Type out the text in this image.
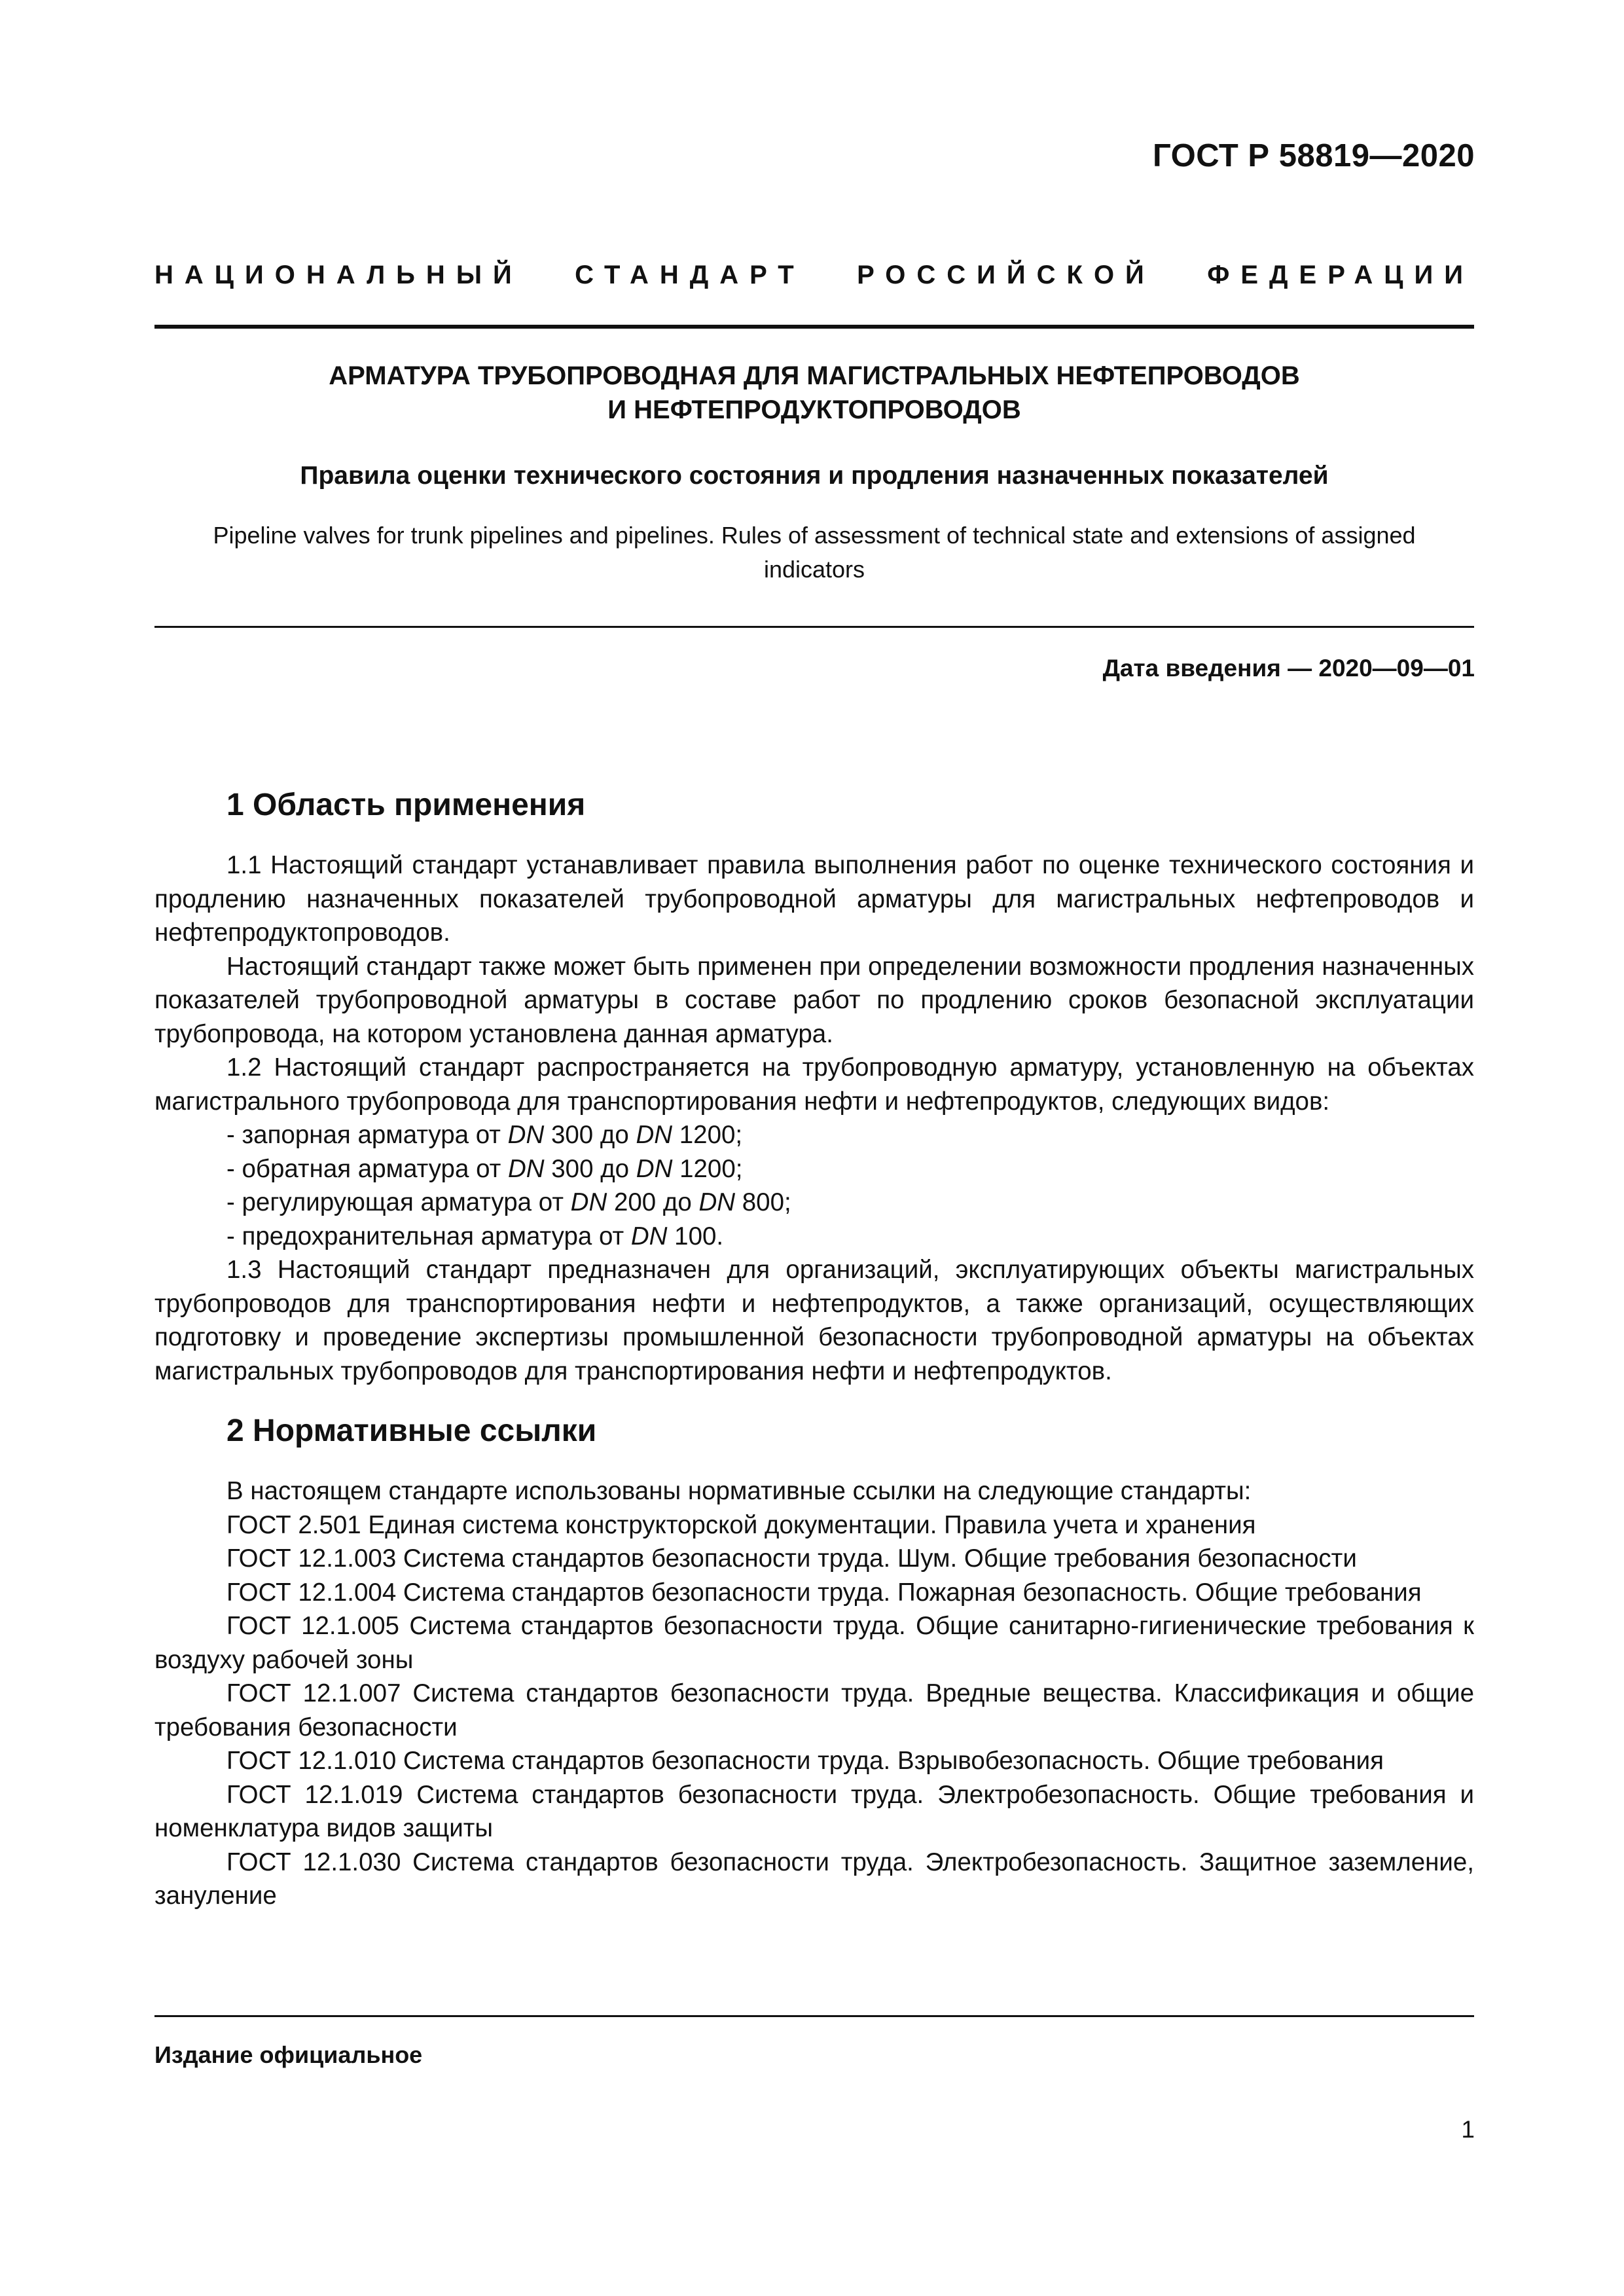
ГОСТ Р 58819—2020
НАЦИОНАЛЬНЫЙ СТАНДАРТ РОССИЙСКОЙ ФЕДЕРАЦИИ
АРМАТУРА ТРУБОПРОВОДНАЯ ДЛЯ МАГИСТРАЛЬНЫХ НЕФТЕПРОВОДОВ
И НЕФТЕПРОДУКТОПРОВОДОВ
Правила оценки технического состояния и продления назначенных показателей
Pipeline valves for trunk pipelines and pipelines. Rules of assessment of technical state and extensions of assigned indicators
Дата введения — 2020—09—01
1 Область применения

1.1 Настоящий стандарт устанавливает правила выполнения работ по оценке технического состояния и продлению назначенных показателей трубопроводной арматуры для магистральных нефтепроводов и нефтепродуктопроводов.

Настоящий стандарт также может быть применен при определении возможности продления назначенных показателей трубопроводной арматуры в составе работ по продлению сроков безопасной эксплуатации трубопровода, на котором установлена данная арматура.

1.2 Настоящий стандарт распространяется на трубопроводную арматуру, установленную на объектах магистрального трубопровода для транспортирования нефти и нефтепродуктов, следующих видов:

- запорная арматура от DN 300 до DN 1200;
- обратная арматура от DN 300 до DN 1200;
- регулирующая арматура от DN 200 до DN 800;
- предохранительная арматура от DN 100.

1.3 Настоящий стандарт предназначен для организаций, эксплуатирующих объекты магистральных трубопроводов для транспортирования нефти и нефтепродуктов, а также организаций, осуществляющих подготовку и проведение экспертизы промышленной безопасности трубопроводной арматуры на объектах магистральных трубопроводов для транспортирования нефти и нефтепродуктов.

2 Нормативные ссылки

В настоящем стандарте использованы нормативные ссылки на следующие стандарты:

ГОСТ 2.501 Единая система конструкторской документации. Правила учета и хранения

ГОСТ 12.1.003 Система стандартов безопасности труда. Шум. Общие требования безопасности

ГОСТ 12.1.004 Система стандартов безопасности труда. Пожарная безопасность. Общие требования

ГОСТ 12.1.005 Система стандартов безопасности труда. Общие санитарно-гигиенические требования к воздуху рабочей зоны

ГОСТ 12.1.007 Система стандартов безопасности труда. Вредные вещества. Классификация и общие требования безопасности

ГОСТ 12.1.010 Система стандартов безопасности труда. Взрывобезопасность. Общие требования

ГОСТ 12.1.019 Система стандартов безопасности труда. Электробезопасность. Общие требования и номенклатура видов защиты

ГОСТ 12.1.030 Система стандартов безопасности труда. Электробезопасность. Защитное заземление, зануление

Издание официальное
1
